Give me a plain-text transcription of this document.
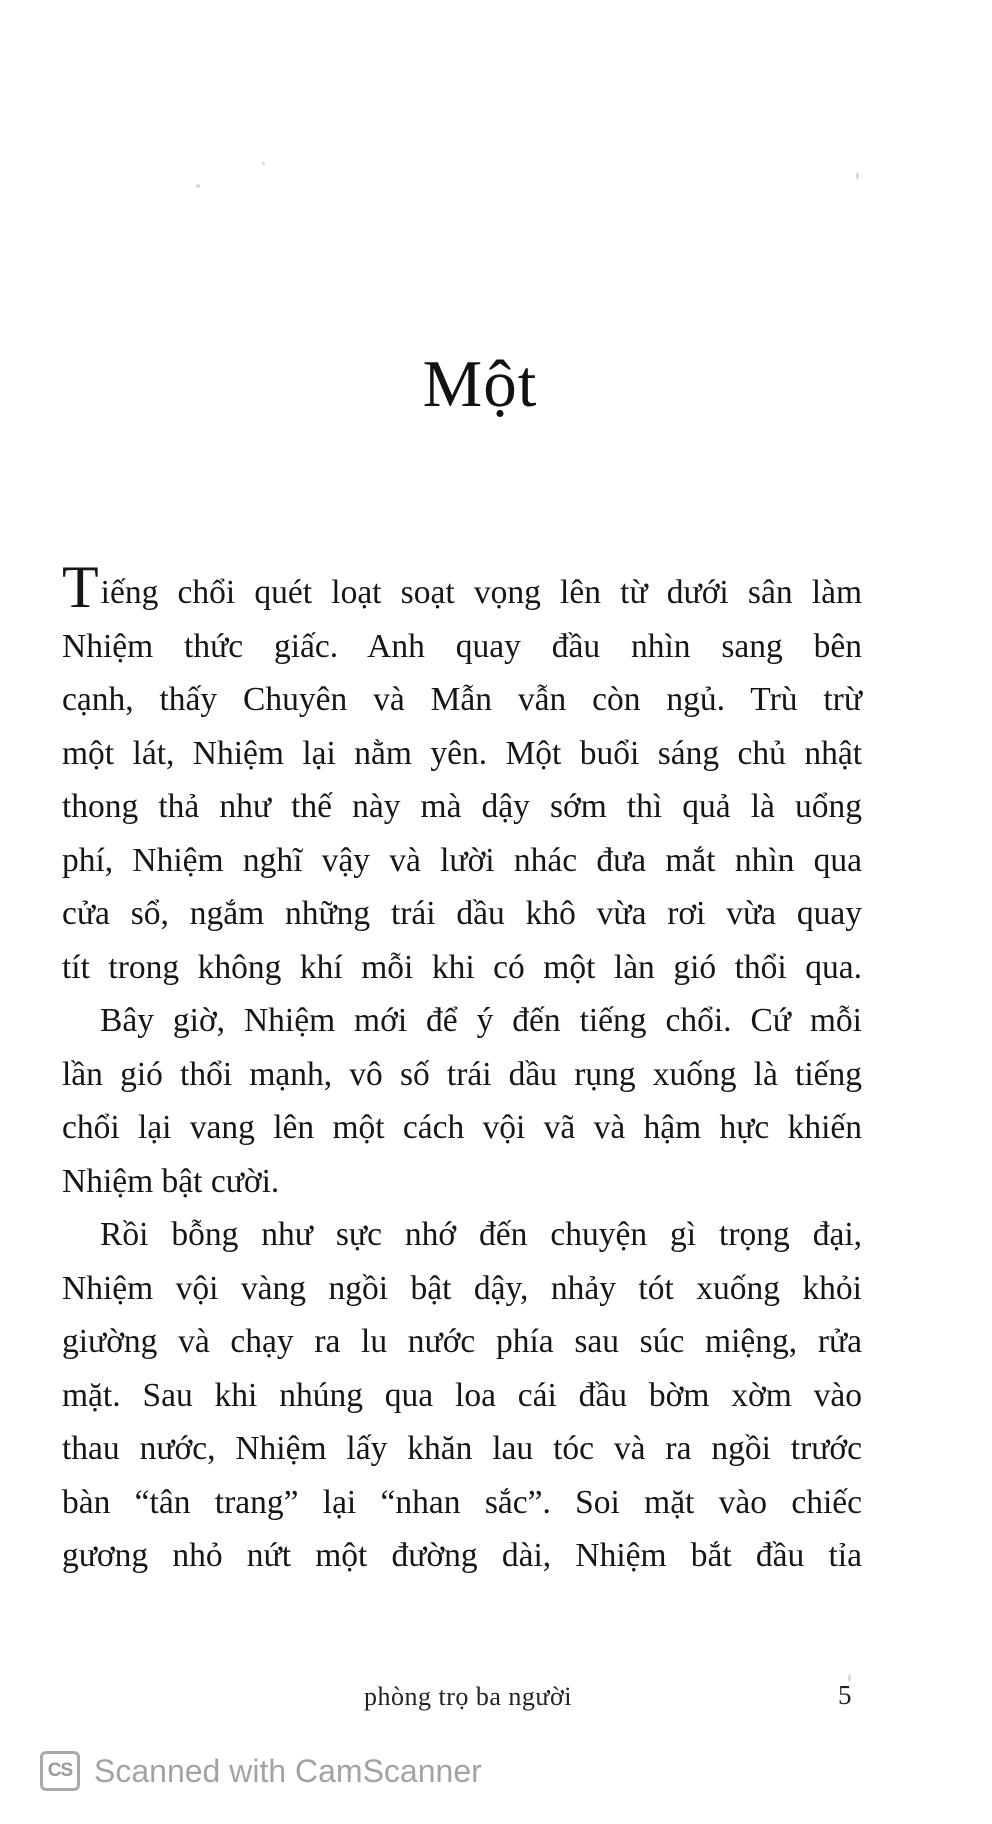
Một
Tiếng chổi quét loạt soạt vọng lên từ dưới sân làm
Nhiệm thức giấc. Anh quay đầu nhìn sang bên
cạnh, thấy Chuyên và Mẫn vẫn còn ngủ. Trù trừ
một lát, Nhiệm lại nằm yên. Một buổi sáng chủ nhật
thong thả như thế này mà dậy sớm thì quả là uổng
phí, Nhiệm nghĩ vậy và lười nhác đưa mắt nhìn qua
cửa sổ, ngắm những trái dầu khô vừa rơi vừa quay
tít trong không khí mỗi khi có một làn gió thổi qua.
Bây giờ, Nhiệm mới để ý đến tiếng chổi. Cứ mỗi
lần gió thổi mạnh, vô số trái dầu rụng xuống là tiếng
chổi lại vang lên một cách vội vã và hậm hực khiến
Nhiệm bật cười.
Rồi bỗng như sực nhớ đến chuyện gì trọng đại,
Nhiệm vội vàng ngồi bật dậy, nhảy tót xuống khỏi
giường và chạy ra lu nước phía sau súc miệng, rửa
mặt. Sau khi nhúng qua loa cái đầu bờm xờm vào
thau nước, Nhiệm lấy khăn lau tóc và ra ngồi trước
bàn “tân trang” lại “nhan sắc”. Soi mặt vào chiếc
gương nhỏ nứt một đường dài, Nhiệm bắt đầu tỉa
phòng trọ ba người	5
CS Scanned with CamScanner
